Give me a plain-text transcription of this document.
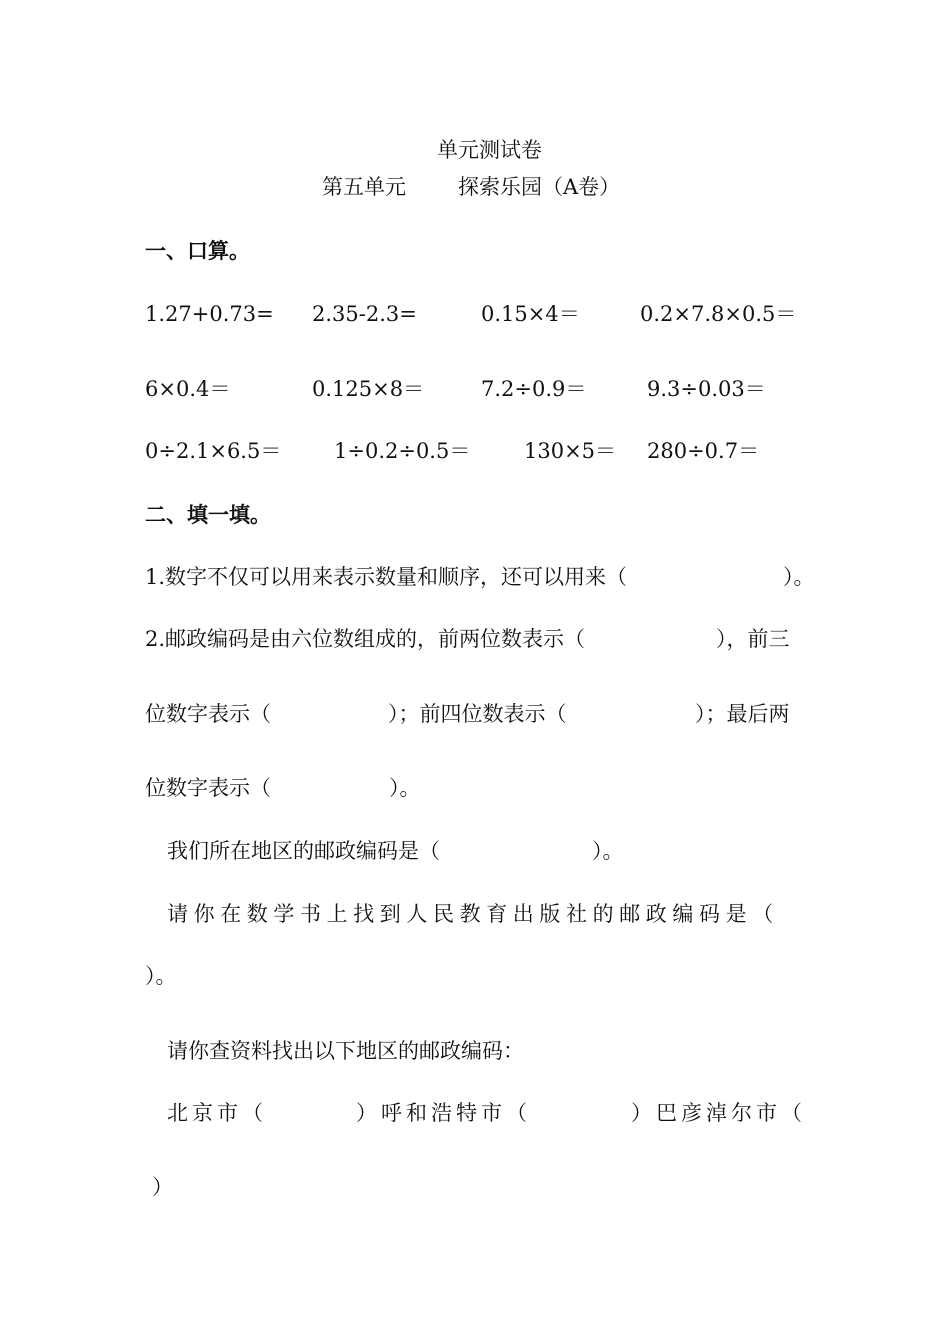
单元测试卷
第五单元 探索乐园（A卷）
一、口算。
1.27+0.73= 2.35-2.3=	0.15×4＝	0.2×7.8×0.5＝
6×0.4＝	0.125×8＝	7.2÷0.9＝	9.3÷0.03＝
0÷2.1×6.5＝	1÷0.2÷0.5＝	130×5＝ 280÷0.7＝
二、填一填。
1.数字不仅可以用来表示数量和顺序，还可以用来（	）。
2.邮政编码是由六位数组成的，前两位数表示（	），前三
位数字表示（	）；前四位数表示（	）；最后两
位数字表示（	）。
我们所在地区的邮政编码是（	）。
请你在数学书上找到人民教育出版社的邮政编码是（
）。
请你查资料找出以下地区的邮政编码：
北京市（	）呼和浩特市（	）巴彦淖尔市（
）
